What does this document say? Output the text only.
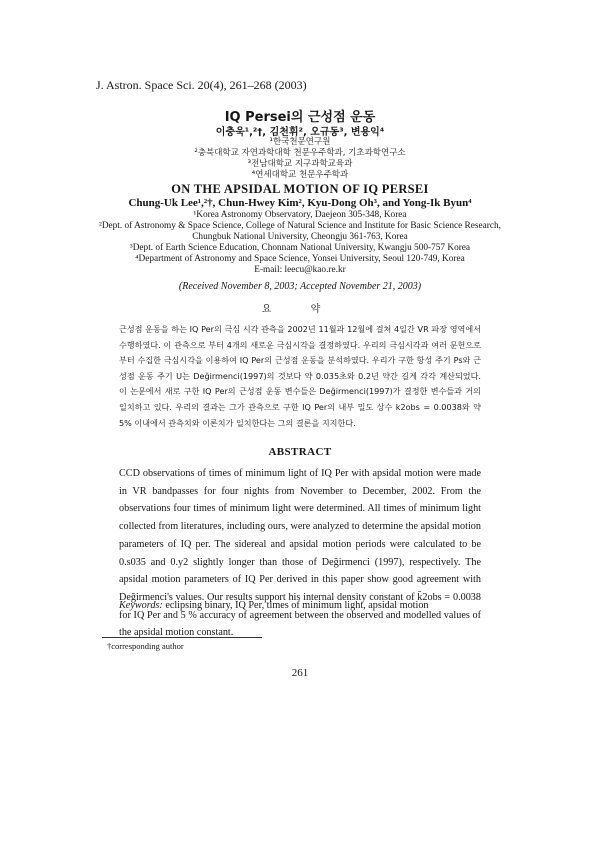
J. Astron. Space Sci. 20(4), 261–268 (2003)
IQ Persei의 근성점 운동
이충욱¹,²†, 김천휘², 오규동³, 변용익⁴
¹한국천문연구원
²충북대학교 자연과학대학 천문우주학과, 기초과학연구소
³전남대학교 지구과학교육과
⁴연세대학교 천문우주학과
ON THE APSIDAL MOTION OF IQ PERSEI
Chung-Uk Lee¹,²†, Chun-Hwey Kim², Kyu-Dong Oh³, and Yong-Ik Byun⁴
¹Korea Astronomy Observatory, Daejeon 305-348, Korea
²Dept. of Astronomy & Space Science, College of Natural Science and Institute for Basic Science Research,
Chungbuk National University, Cheongju 361-763, Korea
³Dept. of Earth Science Education, Chonnam National University, Kwangju 500-757 Korea
⁴Department of Astronomy and Space Science, Yonsei University, Seoul 120-749, Korea
E-mail: leecu@kao.re.kr
(Received November 8, 2003; Accepted November 21, 2003)
요 약

근성점 운동을 하는 IQ Per의 극심 시각 관측을 2002년 11월과 12월에 걸쳐 4일간 VR 파장 영역에서 수행하였다. 이 관측으로 부터 4개의 새로운 극심시각을 결정하였다. 우리의 극심시각과 여러 문헌으로 부터 수집한 극심시각을 이용하여 IQ Per의 근성점 운동을 분석하였다. 우리가 구한 항성 주기 Ps와 근성점 운동 주기 U는 Değirmenci(1997)의 것보다 약 0.035초와 0.2년 약간 길게 각각 계산되었다. 이 논문에서 새로 구한 IQ Per의 근성점 운동 변수들은 Değirmenci(1997)가 결정한 변수들과 거의 일치하고 있다. 우리의 결과는 그가 관측으로 구한 IQ Per의 내부 밀도 상수 k2obs = 0.0038와 약 5% 이내에서 관측치와 이론치가 일치한다는 그의 결론을 지지한다.

ABSTRACT

CCD observations of times of minimum light of IQ Per with apsidal motion were made in VR bandpasses for four nights from November to December, 2002. From the observations four times of minimum light were determined. All times of minimum light collected from literatures, including ours, were analyzed to determine the apsidal motion parameters of IQ per. The sidereal and apsidal motion periods were calculated to be 0.s035 and 0.y2 slightly longer than those of Değirmenci (1997), respectively. The apsidal motion parameters of IQ Per derived in this paper show good agreement with Değirmenci's values. Our results support his internal density constant of k̄2obs = 0.0038 for IQ Per and 5 % accuracy of agreement between the observed and modelled values of the apsidal motion constant.

Keywords: eclipsing binary, IQ Per, times of minimum light, apsidal motion
†corresponding author
261
